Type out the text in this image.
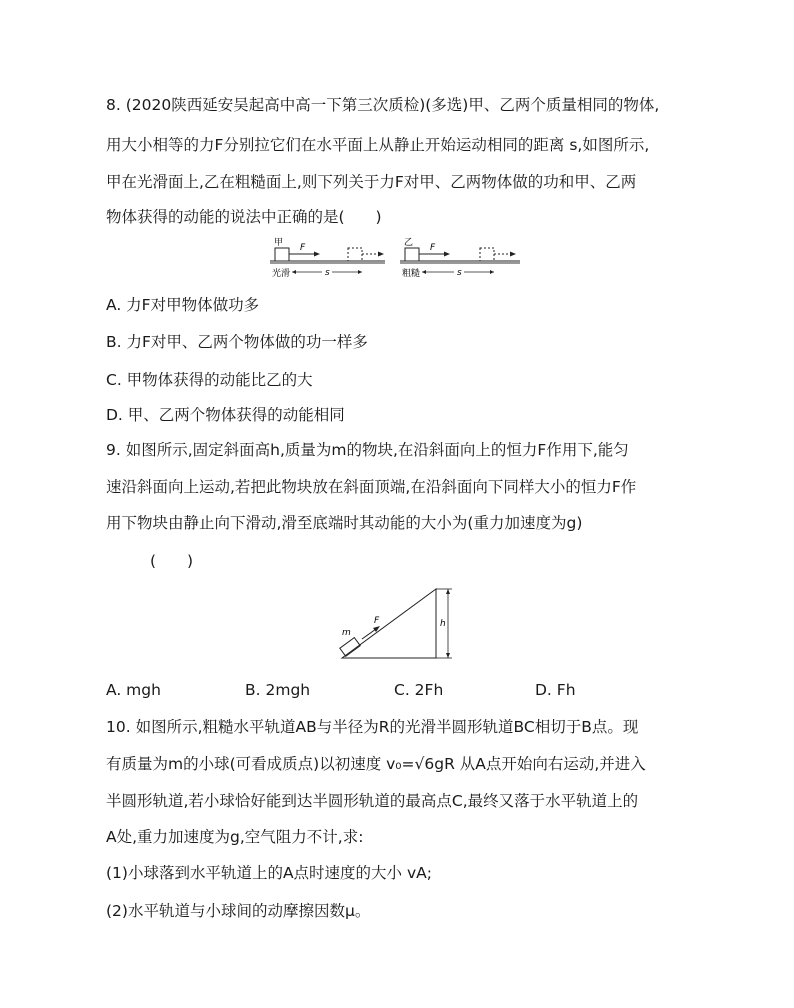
8. (2020陕西延安吴起高中高一下第三次质检)(多选)甲、乙两个质量相同的物体,
用大小相等的力F分别拉它们在水平面上从静止开始运动相同的距离 s,如图所示,
甲在光滑面上,乙在粗糙面上,则下列关于力F对甲、乙两物体做的功和甲、乙两
物体获得的动能的说法中正确的是(　　)
甲 F
光滑	s
乙 F
粗糙	s
A. 力F对甲物体做功多
B. 力F对甲、乙两个物体做的功一样多
C. 甲物体获得的动能比乙的大
D. 甲、乙两个物体获得的动能相同
9. 如图所示,固定斜面高h,质量为m的物块,在沿斜面向上的恒力F作用下,能匀
速沿斜面向上运动,若把此物块放在斜面顶端,在沿斜面向下同样大小的恒力F作
用下物块由静止向下滑动,滑至底端时其动能的大小为(重力加速度为g)
(　　)
F
m
h
A. mgh	B. 2mgh	C. 2Fh	D. Fh
10. 如图所示,粗糙水平轨道AB与半径为R的光滑半圆形轨道BC相切于B点。现
有质量为m的小球(可看成质点)以初速度 v₀=√6gR 从A点开始向右运动,并进入
半圆形轨道,若小球恰好能到达半圆形轨道的最高点C,最终又落于水平轨道上的
A处,重力加速度为g,空气阻力不计,求:
(1)小球落到水平轨道上的A点时速度的大小 vA;
(2)水平轨道与小球间的动摩擦因数μ。
